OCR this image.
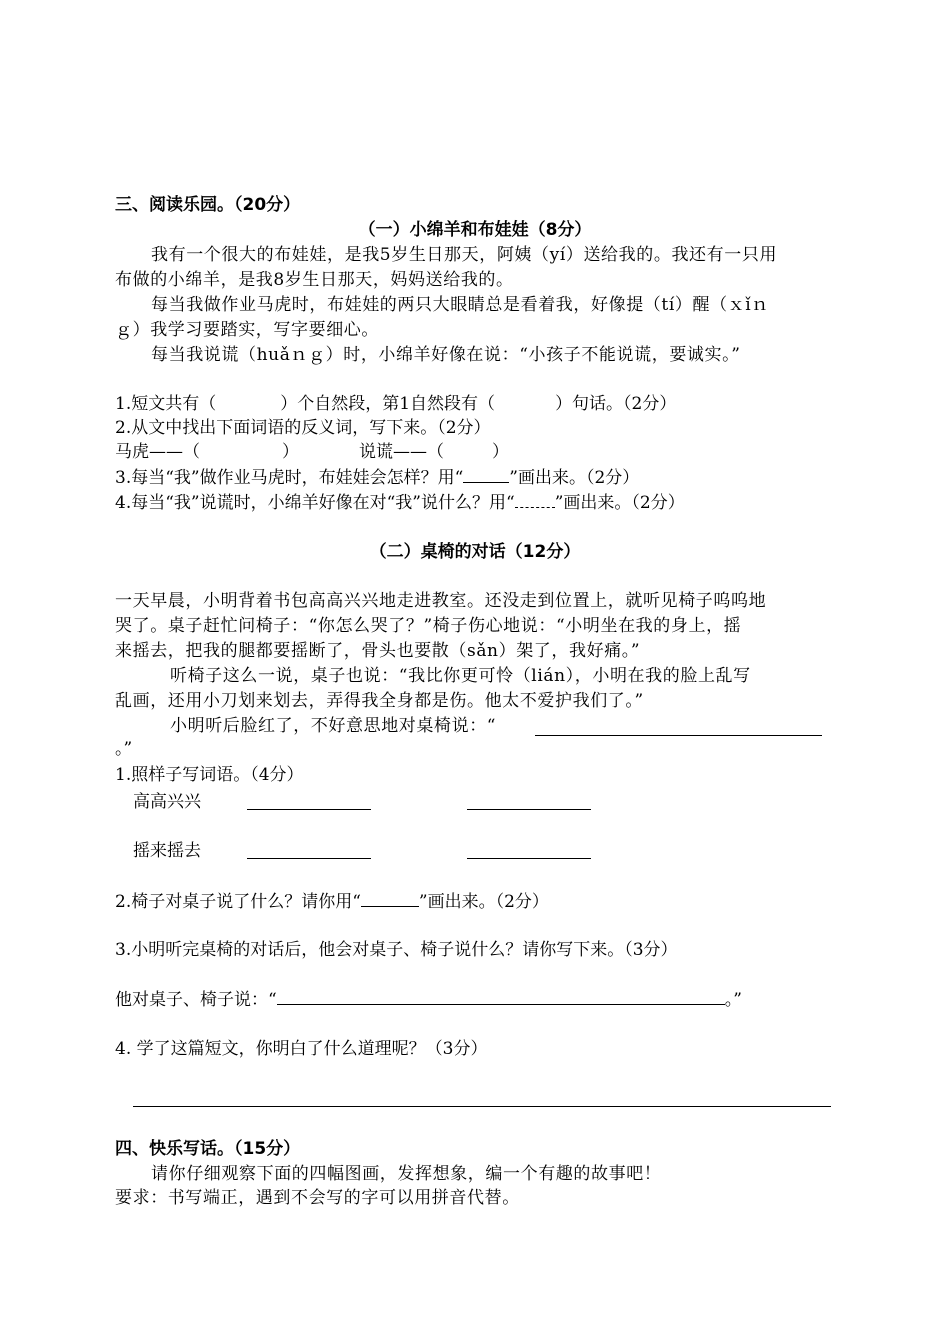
三、阅读乐园。（20分）
（一）小绵羊和布娃娃（8分）
我有一个很大的布娃娃，是我5岁生日那天，阿姨（yí）送给我的。我还有一只用
布做的小绵羊，是我8岁生日那天，妈妈送给我的。
每当我做作业马虎时，布娃娃的两只大眼睛总是看着我，好像提（tí）醒（ｘǐｎ
ｇ）我学习要踏实，写字要细心。
每当我说谎（huǎｎｇ）时，小绵羊好像在说：“小孩子不能说谎，要诚实。”
1.短文共有（	）个自然段，第1自然段有（	）句话。（2分）
2.从文中找出下面词语的反义词，写下来。（2分）
马虎——（	）	说谎——（	）
3.每当“我”做作业马虎时，布娃娃会怎样？用“	”画出来。（2分）
4.每当“我”说谎时，小绵羊好像在对“我”说什么？用“ ”画出来。（2分）
（二）桌椅的对话（12分）
一天早晨，小明背着书包高高兴兴地走进教室。还没走到位置上，就听见椅子呜呜地
哭了。桌子赶忙问椅子：“你怎么哭了？”椅子伤心地说：“小明坐在我的身上，摇
来摇去，把我的腿都要摇断了，骨头也要散（sǎn）架了，我好痛。”
听椅子这么一说，桌子也说：“我比你更可怜（lián），小明在我的脸上乱写
乱画，还用小刀划来划去，弄得我全身都是伤。他太不爱护我们了。”
小明听后脸红了，不好意思地对桌椅说：“
。”
1.照样子写词语。（4分）
高高兴兴
摇来摇去
2.椅子对桌子说了什么？请你用“	”画出来。（2分）
3.小明听完桌椅的对话后，他会对桌子、椅子说什么？请你写下来。（3分）
他对桌子、椅子说：“	。”
4. 学了这篇短文，你明白了什么道理呢？（3分）
四、快乐写话。（15分）
请你仔细观察下面的四幅图画，发挥想象，编一个有趣的故事吧！
要求：书写端正，遇到不会写的字可以用拼音代替。
